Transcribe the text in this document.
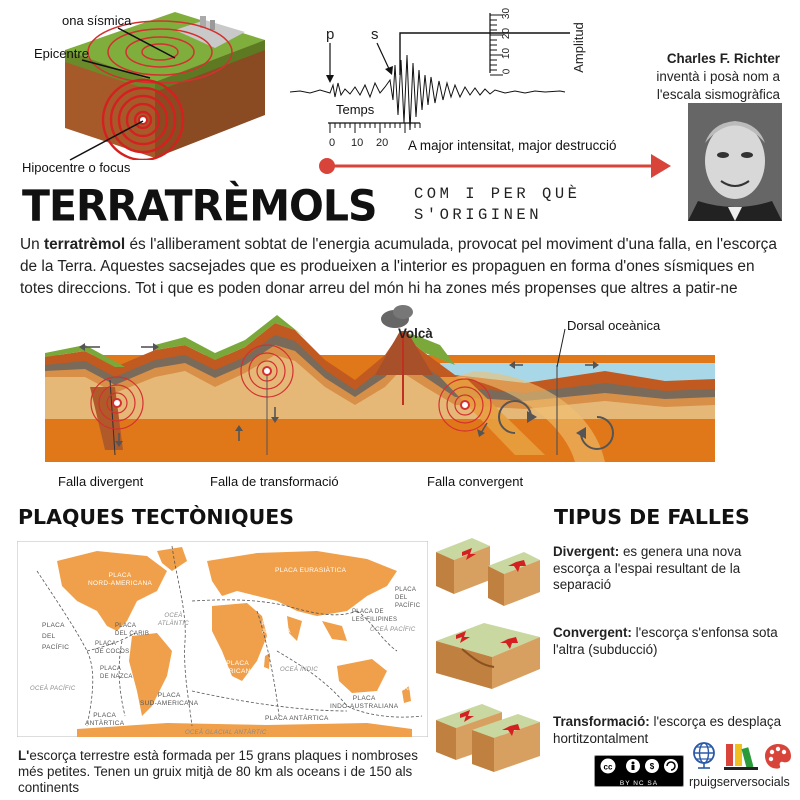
ona sísmica
Epicentre
Hipocentre o focus
p s
Temps
0 10 20
30
20
10
0	Amplitud
A major intensitat, major destrucció
Charles F. Richter
inventà i posà nom a
l'escala sismogràfica
TERRATRÈMOLS COM I PER QUÈ
S'ORIGINEN
Un terratrèmol és l'alliberament sobtat de l'energia acumulada, provocat pel moviment d'una falla, en l'escorça de la Terra. Aquestes sacsejades que es produeixen a l'interior es propaguen en forma d'ones sísmiques en totes direccions. Tot i que es poden donar arreu del món hi ha zones més propenses que altres a patir-ne
Volcà
Dorsal oceànica
Falla divergent	Falla de transformació	Falla convergent
PLAQUES TECTÒNIQUES
PLACA
NORD-AMERICANA
PLACA EURASIÀTICA
PLACA
DEL
PACÍFIC
PLACA
DEL
PACÍFIC
PLACA
DE COCOS
PLACA
DEL CARIB
PLACA
DE NAZCA
PLACA
SUD-AMERICANA
PLACA
AFRICANA
PLACA
INDO-AUSTRALIANA
PLACA
ANTÀRTICA
PLACA ANTÀRTICA
PLACA DE
LES FILIPINES
PLACA
ARÀBIGA
OCEÀ
ATLÀNTIC
OCEÀ PACÍFIC
OCEÀ PACÍFIC
OCEÀ ÍNDIC
OCEÀ GLACIAL ANTÀRTIC
OCEANIA
L'escorça terrestre està formada per 15 grans plaques i nombroses més petites. Tenen un gruix mitjà de 80 km als oceans i de 150 als continents
TIPUS DE FALLES
Divergent: es genera una nova escorça a l'espai resultant de la separació
Convergent: l'escorça s'enfonsa sota l'altra (subducció)
Transformació: l'escorça es desplaça hortitzontalment
cc	$
BY NC SA	rpuigserversocials
